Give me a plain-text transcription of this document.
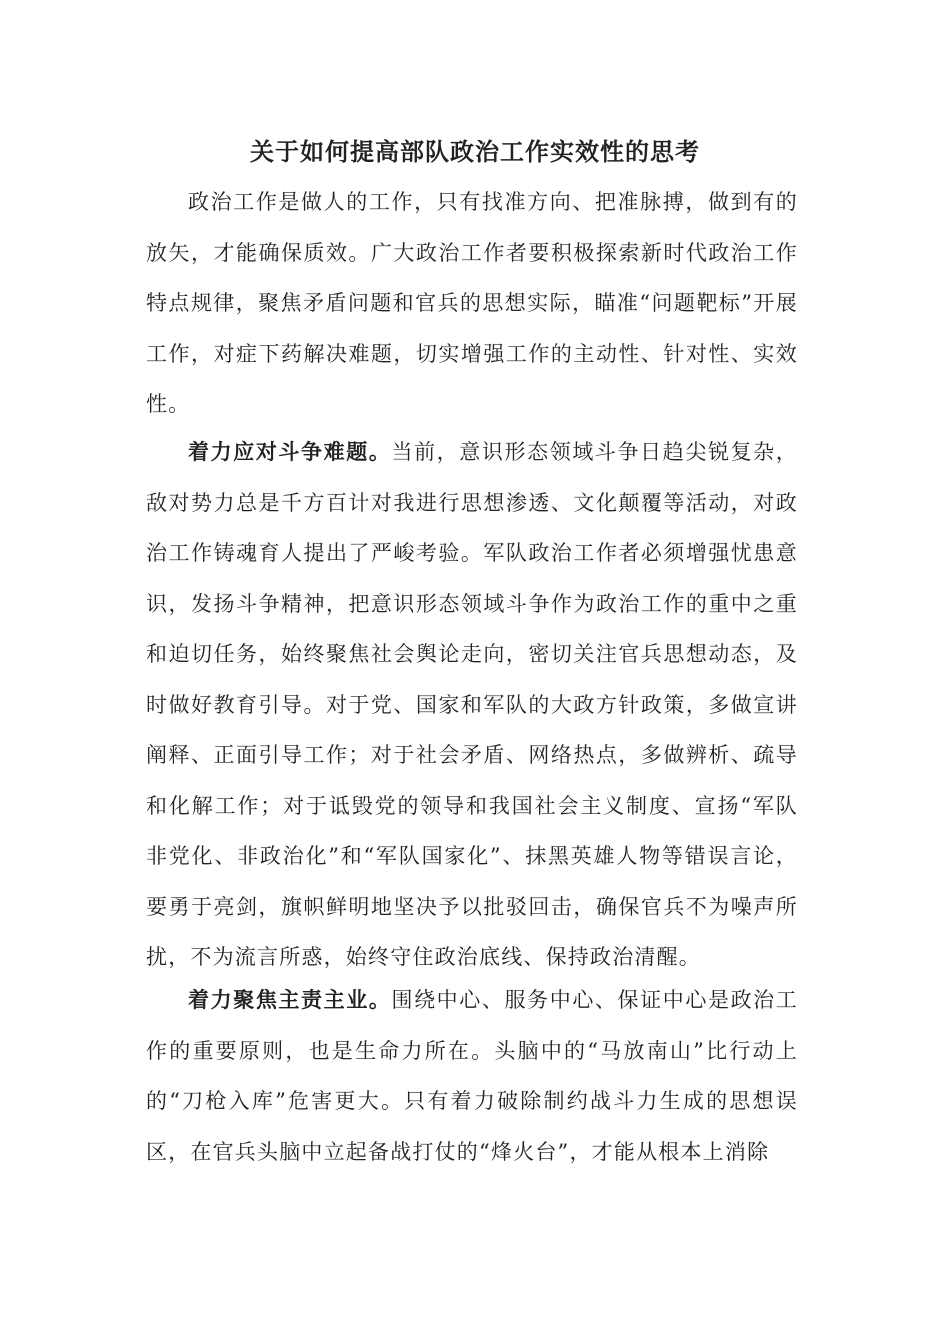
关于如何提高部队政治工作实效性的思考

政治工作是做人的工作，只有找准方向、把准脉搏，做到有的放矢，才能确保质效。广大政治工作者要积极探索新时代政治工作特点规律，聚焦矛盾问题和官兵的思想实际，瞄准“问题靶标”开展工作，对症下药解决难题，切实增强工作的主动性、针对性、实效性。

着力应对斗争难题。当前，意识形态领域斗争日趋尖锐复杂，敌对势力总是千方百计对我进行思想渗透、文化颠覆等活动，对政治工作铸魂育人提出了严峻考验。军队政治工作者必须增强忧患意识，发扬斗争精神，把意识形态领域斗争作为政治工作的重中之重和迫切任务，始终聚焦社会舆论走向，密切关注官兵思想动态，及时做好教育引导。对于党、国家和军队的大政方针政策，多做宣讲阐释、正面引导工作；对于社会矛盾、网络热点，多做辨析、疏导和化解工作；对于诋毁党的领导和我国社会主义制度、宣扬“军队非党化、非政治化”和“军队国家化”、抹黑英雄人物等错误言论，要勇于亮剑，旗帜鲜明地坚决予以批驳回击，确保官兵不为噪声所扰，不为流言所惑，始终守住政治底线、保持政治清醒。

着力聚焦主责主业。围绕中心、服务中心、保证中心是政治工作的重要原则，也是生命力所在。头脑中的“马放南山”比行动上的“刀枪入库”危害更大。只有着力破除制约战斗力生成的思想误区，在官兵头脑中立起备战打仗的“烽火台”，才能从根本上消除
